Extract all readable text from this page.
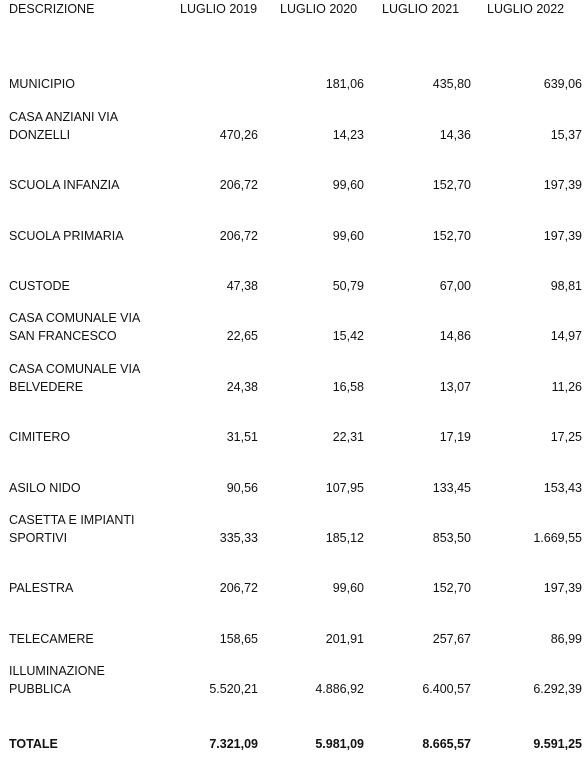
DESCRIZIONE	LUGLIO 2019	LUGLIO 2020	LUGLIO 2021	LUGLIO 2022

MUNICIPIO		181,06	435,80	639,06
CASA ANZIANI VIA
DONZELLI	470,26	14,23	14,36	15,37
SCUOLA INFANZIA	206,72	99,60	152,70	197,39
SCUOLA PRIMARIA	206,72	99,60	152,70	197,39
CUSTODE	47,38	50,79	67,00	98,81
CASA COMUNALE VIA
SAN FRANCESCO	22,65	15,42	14,86	14,97
CASA COMUNALE VIA
BELVEDERE	24,38	16,58	13,07	11,26
CIMITERO	31,51	22,31	17,19	17,25
ASILO NIDO	90,56	107,95	133,45	153,43
CASETTA E IMPIANTI
SPORTIVI	335,33	185,12	853,50	1.669,55
PALESTRA	206,72	99,60	152,70	197,39
TELECAMERE	158,65	201,91	257,67	86,99
ILLUMINAZIONE
PUBBLICA	5.520,21	4.886,92	6.400,57	6.292,39

TOTALE	7.321,09	5.981,09	8.665,57	9.591,25
